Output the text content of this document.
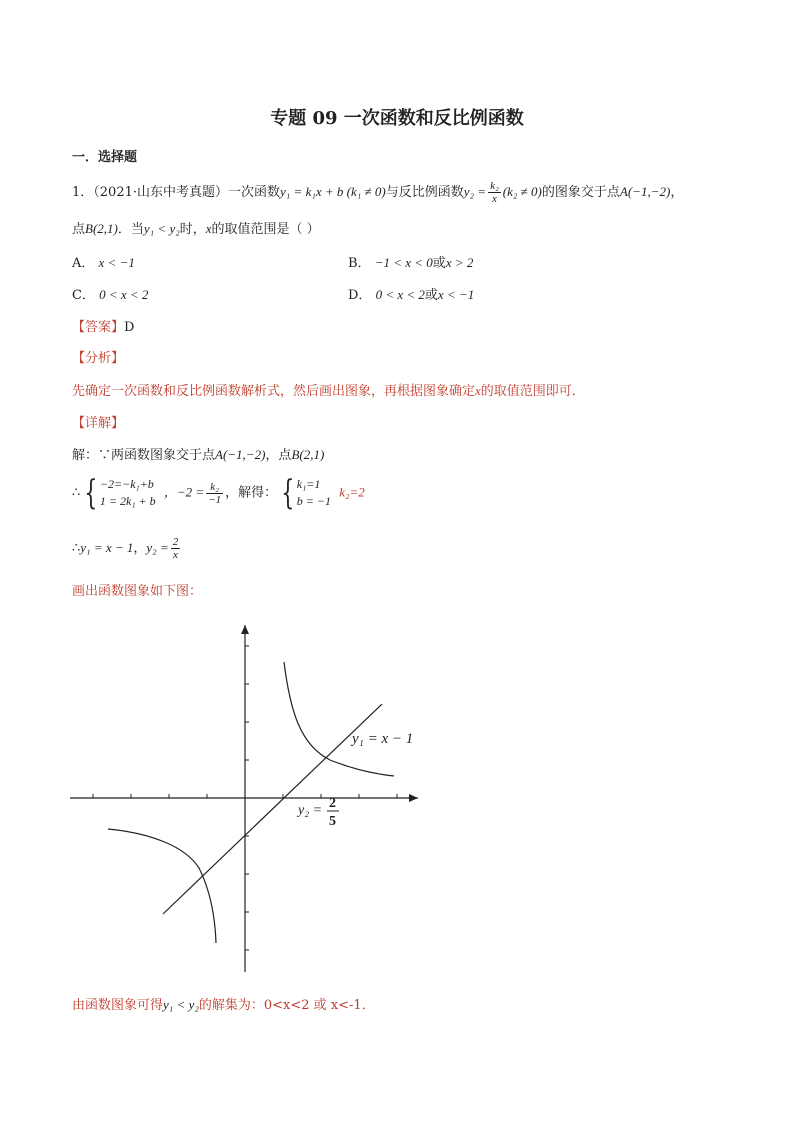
专题 09 一次函数和反比例函数
一．选择题
1．（2021·山东中考真题）一次函数y₁ = k₁x + b (k₁ ≠ 0)与反比例函数$y_2 = \frac{\text{k₂}}{x} (k_2 \ne 0)$的图象交于点A(−1,−2)，
点B(2,1)．当y₁ < y₂时，x的取值范围是（ ）
A． x < −1	B． −1 < x < 0或x > 2
C． 0 < x < 2	D． 0 < x < 2或x < −1
【答案】D
【分析】
先确定一次函数和反比例函数解析式，然后画出图象，再根据图象确定x的取值范围即可．
【详解】
解：∵两函数图象交于点A(−1,−2)，点B(2,1)
∴ { −2=−k₁+b
1 = 2k₁ + b
，$-2 = \frac{\text{k₂}}{-1}$ ，解得： { k₁=1
b = −1
k₂=2
∴y₁ = x − 1，$y_2 = \frac{2}{x}$
画出函数图象如下图：
y₁ = x − 1
y₂ = 2
5
由函数图象可得y₁ < y₂的解集为：0<x<2 或 x<-1．
